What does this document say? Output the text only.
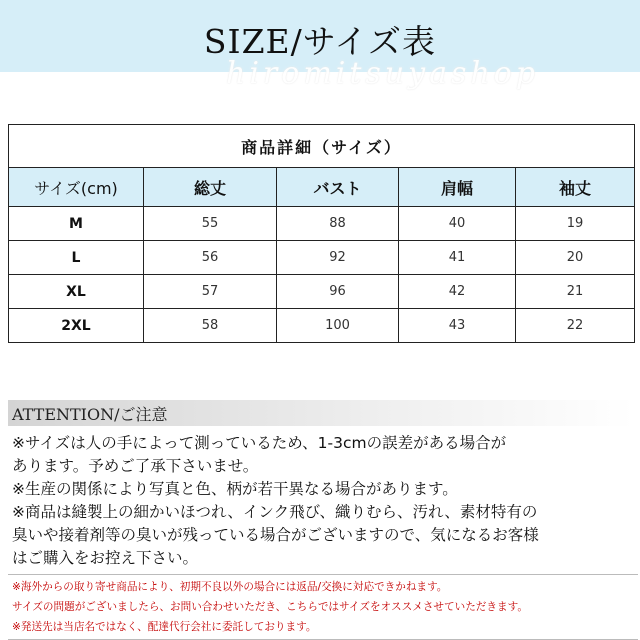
SIZE/サイズ表
hiromitsuyashop
商品詳細（サイズ）				
サイズ(cm)	総丈	バスト	肩幅	袖丈
M	55	88	40	19
L	56	92	41	20
XL	57	96	42	21
2XL	58	100	43	22
ATTENTION/ご注意
※サイズは人の手によって測っているため、1-3cmの誤差がある場合が
あります。予めご了承下さいませ。
※生産の関係により写真と色、柄が若干異なる場合があります。
※商品は縫製上の細かいほつれ、インク飛び、織りむら、汚れ、素材特有の
臭いや接着剤等の臭いが残っている場合がございますので、気になるお客様
はご購入をお控え下さい。
※海外からの取り寄せ商品により、初期不良以外の場合には返品/交換に対応できかねます。
サイズの問題がございましたら、お問い合わせいただき、こちらではサイズをオススメさせていただきます。
※発送先は当店名ではなく、配達代行会社に委託しております。
